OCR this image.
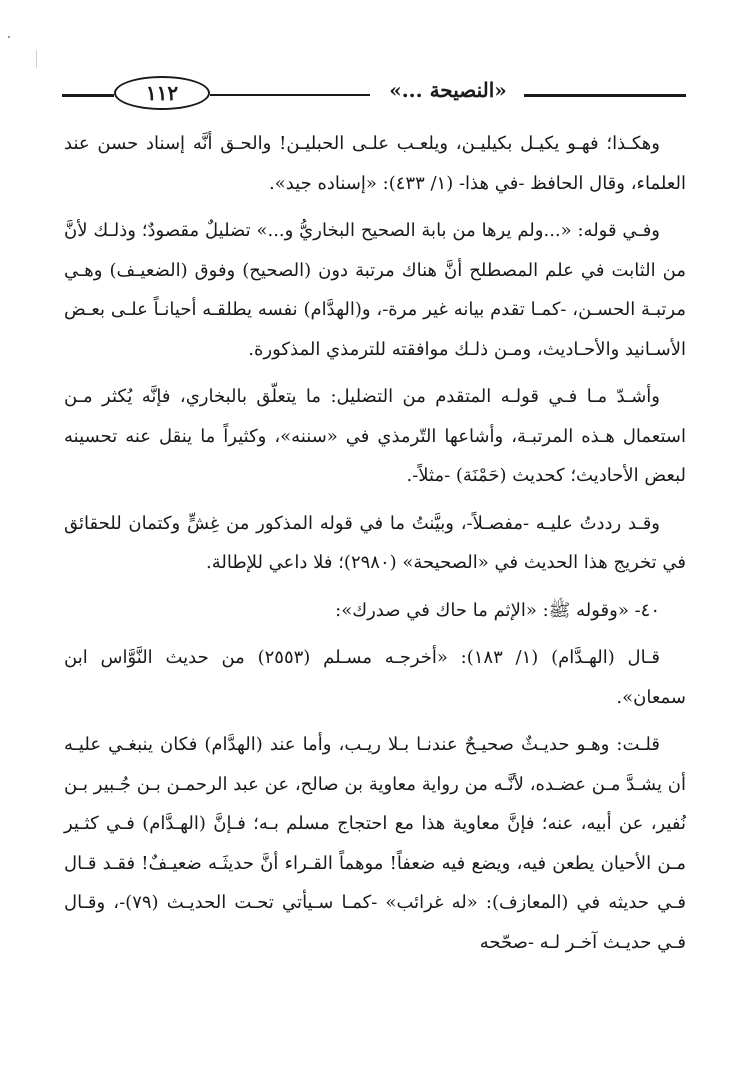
١١٢	«النصيحة ...»

وهكـذا؛ فهـو يكيـل بكيليـن، ويلعـب علـى الحبليـن! والحـق أنَّه إسناد حسن عند العلماء، وقال الحافظ -في هذا- (١/ ٤٣٣): «إسناده جيد».

وفـي قوله: «...ولم يرها من بابة الصحيح البخاريُّ و...» تضليلٌ مقصودٌ؛ وذلـك لأنَّ من الثابت في علم المصطلح أنَّ هناك مرتبة دون (الصحيح) وفوق (الضعيـف) وهـي مرتبـة الحسـن، -كمـا تقدم بيانه غير مرة-، و(الهدَّام) نفسه يطلقـه أحيانـاً علـى بعـض الأسـانيد والأحـاديث، ومـن ذلـك موافقته للترمذي المذكورة.

وأشـدّ مـا فـي قولـه المتقدم من التضليل: ما يتعلّق بالبخاري، فإنَّه يُكثر مـن استعمال هـذه المرتبـة، وأشاعها التّرمذي في «سننه»، وكثيراً ما ينقل عنه تحسينه لبعض الأحاديث؛ كحديث (حَمْنَة) -مثلاً-.

وقـد رددتُ عليـه -مفصـلاً-، وبيَّنتُ ما في قوله المذكور من غِشٍّ وكتمان للحقائق في تخريج هذا الحديث في «الصحيحة» (٢٩٨٠)؛ فلا داعي للإطالة.

٤٠- «وقوله ﷺ: «الإثم ما حاك في صدرك»:

قـال (الهـدَّام) (١/ ١٨٣): «أخرجـه مسـلم (٢٥٥٣) من حديث النَّوَّاس ابن سمعان».

قلـت: وهـو حديـثٌ صحيـحٌ عندنـا بـلا ريـب، وأما عند (الهدَّام) فكان ينبغـي عليـه أن يشـدَّ مـن عضـده، لأنَّـه من رواية معاوية بن صالح، عن عبد الرحمـن بـن جُـبير بـن نُفير، عن أبيه، عنه؛ فإنَّ معاوية هذا مع احتجاج مسلم بـه؛ فـإنَّ (الهـدَّام) فـي كثـير مـن الأحيان يطعن فيه، ويضع فيه ضعفاً! موهماً القـراء أنَّ حديثَـه ضعيـفٌ! فقـد قـال فـي حديثه في (المعازف): «له غرائب» -كمـا سـيأتي تحـت الحديـث (٧٩)-، وقـال فـي حديـث آخـر لـه -صحّحه
